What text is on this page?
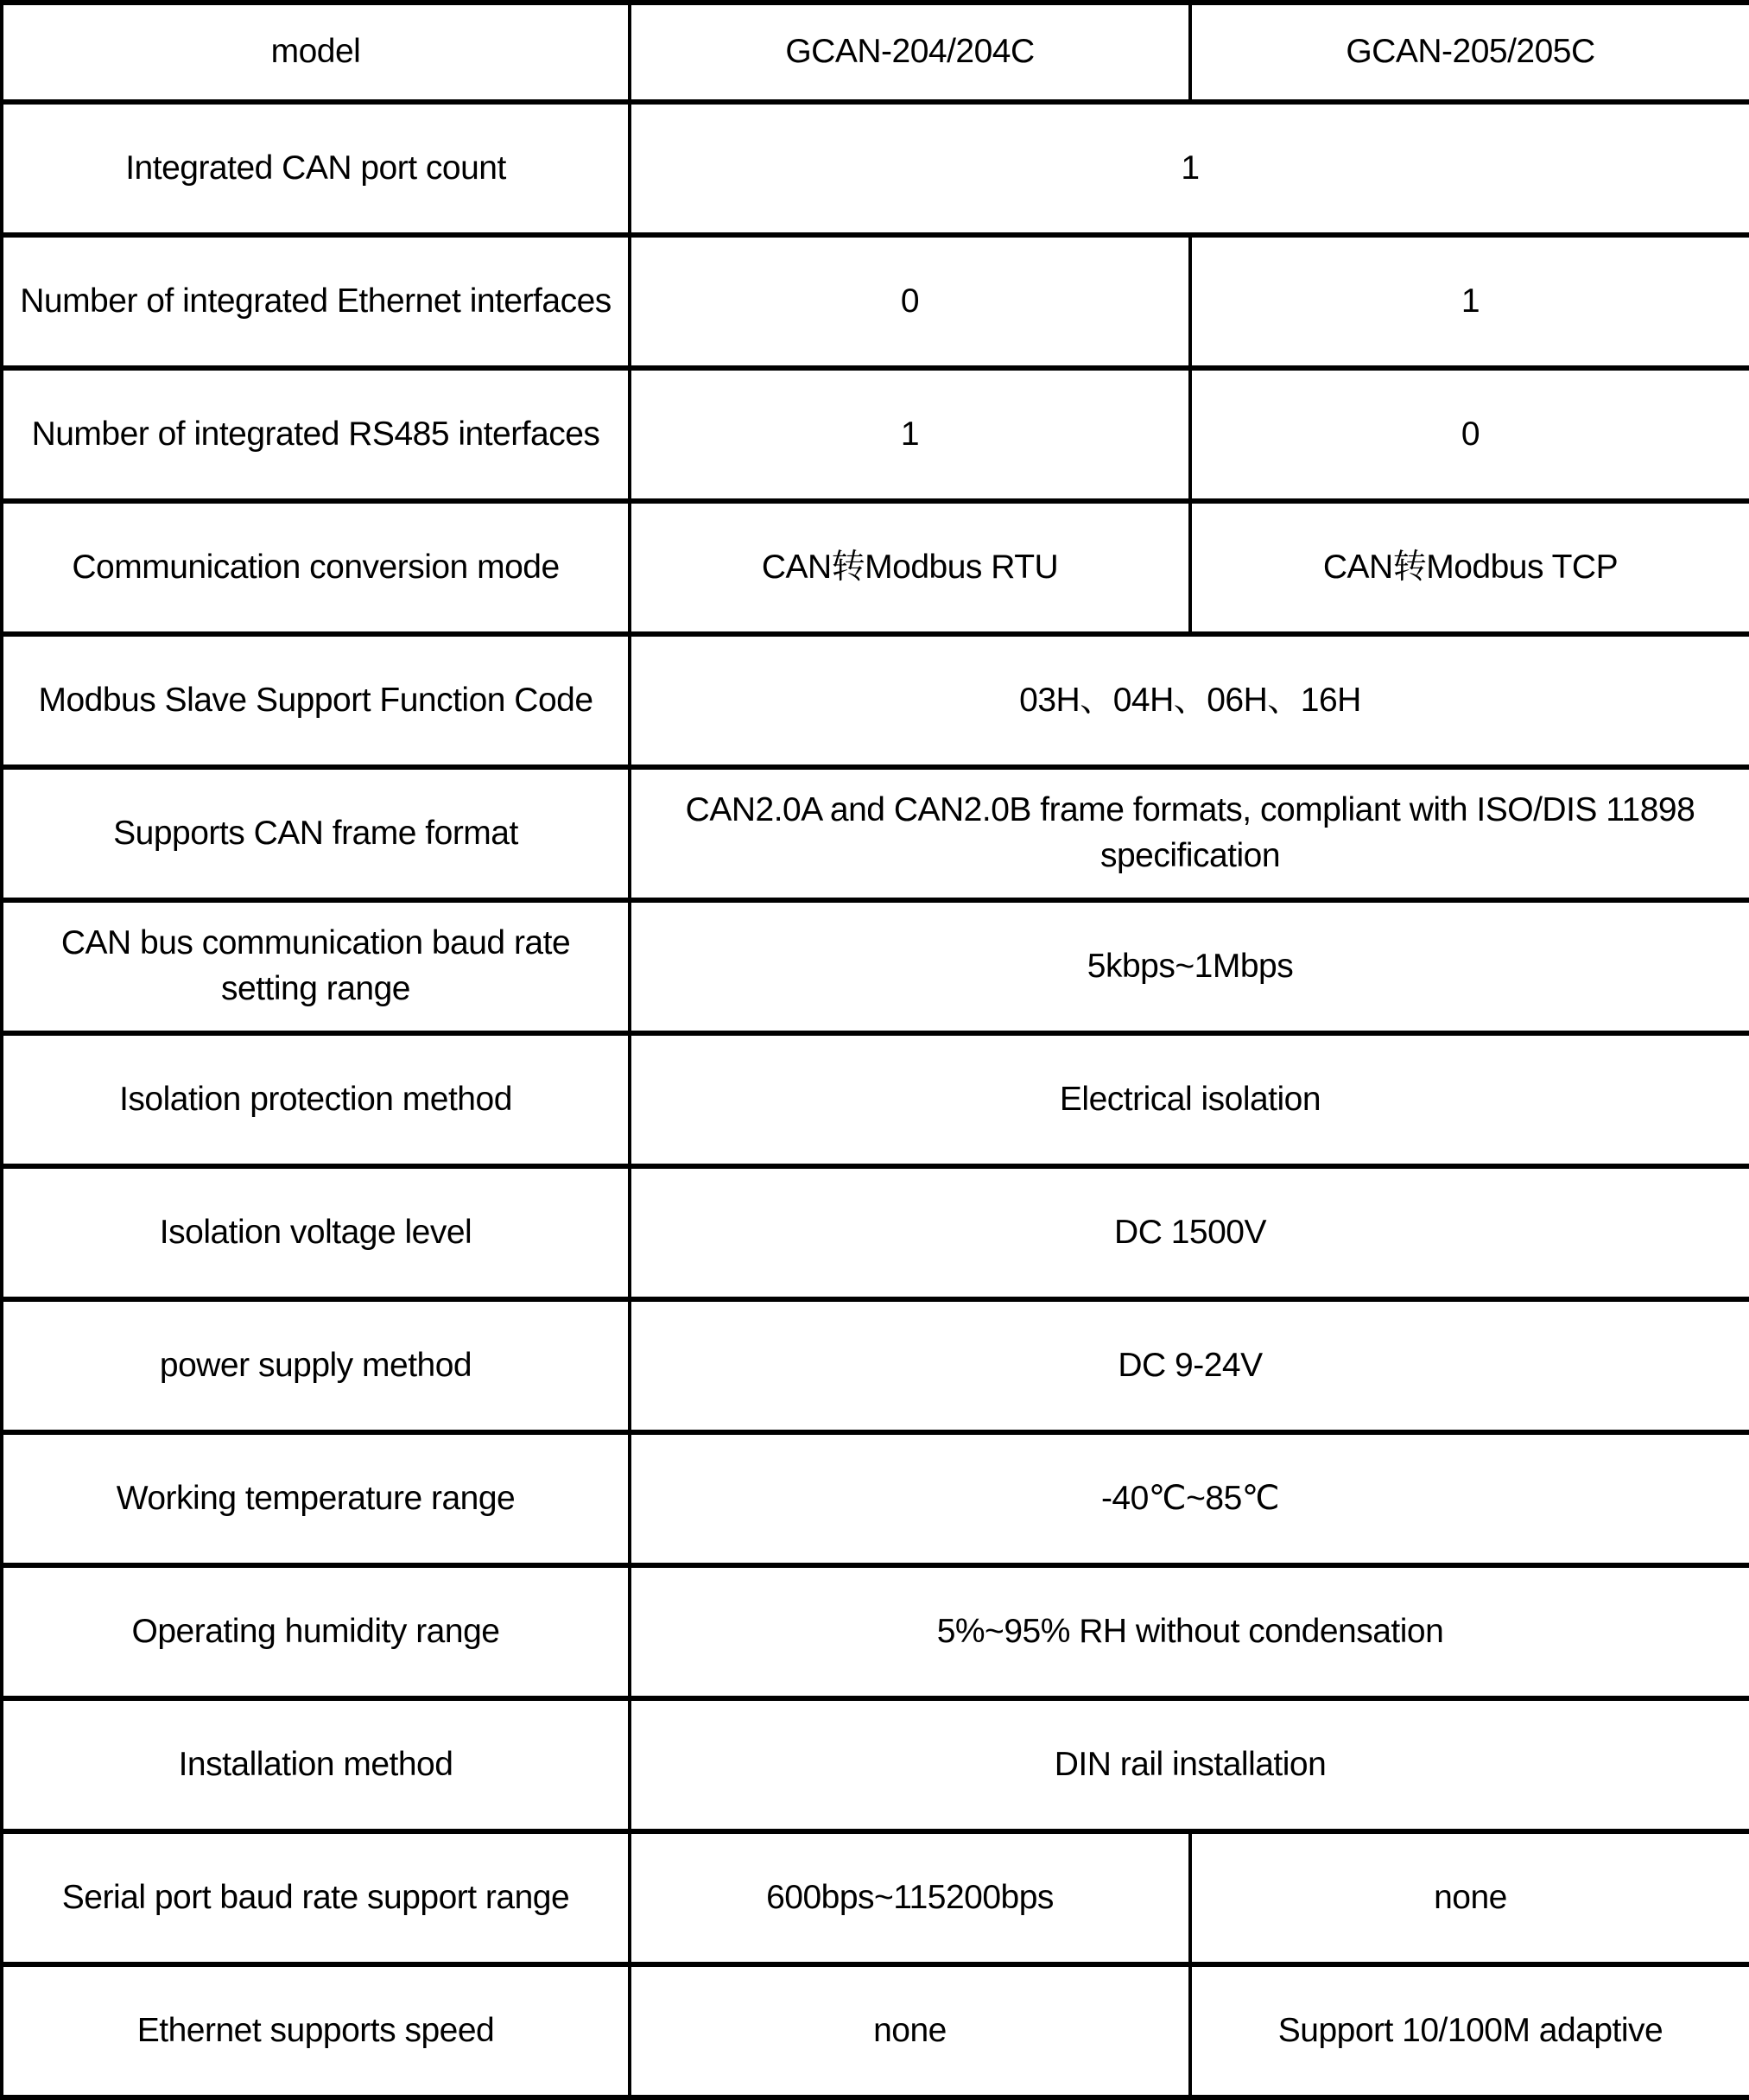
model	GCAN-204/204C	GCAN-205/205C
Integrated CAN port count	1	
Number of integrated Ethernet interfaces	0	1
Number of integrated RS485 interfaces	1	0
Communication conversion mode	CAN转Modbus RTU	CAN转Modbus TCP
Modbus Slave Support Function Code	03H、04H、06H、16H	
Supports CAN frame format	CAN2.0A and CAN2.0B frame formats, compliant with ISO/DIS 11898 specification	
CAN bus communication baud rate setting range	5kbps~1Mbps	
Isolation protection method	Electrical isolation	
Isolation voltage level	DC 1500V	
power supply method	DC 9-24V	
Working temperature range	-40℃~85℃	
Operating humidity range	5%~95% RH without condensation	
Installation method	DIN rail installation	
Serial port baud rate support range	600bps~115200bps	none
Ethernet supports speed	none	Support 10/100M adaptive
